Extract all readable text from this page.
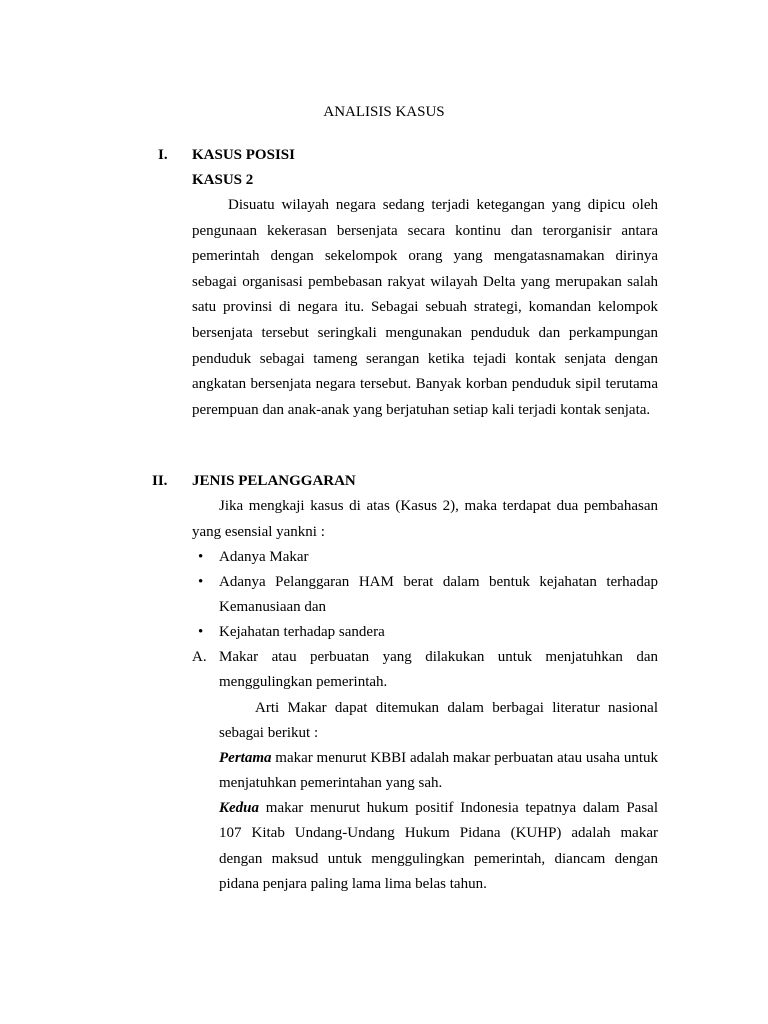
ANALISIS KASUS
I. KASUS POSISI
KASUS 2
Disuatu wilayah negara sedang terjadi ketegangan yang dipicu oleh pengunaan kekerasan bersenjata secara kontinu dan terorganisir antara pemerintah dengan sekelompok orang yang mengatasnamakan dirinya sebagai organisasi pembebasan rakyat wilayah Delta yang merupakan salah satu provinsi di negara itu. Sebagai sebuah strategi, komandan kelompok bersenjata tersebut seringkali mengunakan penduduk dan perkampungan penduduk sebagai tameng serangan ketika tejadi kontak senjata dengan angkatan bersenjata negara tersebut. Banyak korban penduduk sipil terutama perempuan dan anak-anak yang berjatuhan setiap kali terjadi kontak senjata.
II. JENIS PELANGGARAN
Jika mengkaji kasus di atas (Kasus 2), maka terdapat dua pembahasan yang esensial yankni :
• Adanya Makar
• Adanya Pelanggaran HAM berat dalam bentuk kejahatan terhadap Kemanusiaan dan
• Kejahatan terhadap sandera
A. Makar atau perbuatan yang dilakukan untuk menjatuhkan dan menggulingkan pemerintah.
Arti Makar dapat ditemukan dalam berbagai literatur nasional sebagai berikut :
Pertama makar menurut KBBI adalah makar perbuatan atau usaha untuk menjatuhkan pemerintahan yang sah.
Kedua makar menurut hukum positif Indonesia tepatnya dalam Pasal 107 Kitab Undang-Undang Hukum Pidana (KUHP) adalah makar dengan maksud untuk menggulingkan pemerintah, diancam dengan pidana penjara paling lama lima belas tahun.
